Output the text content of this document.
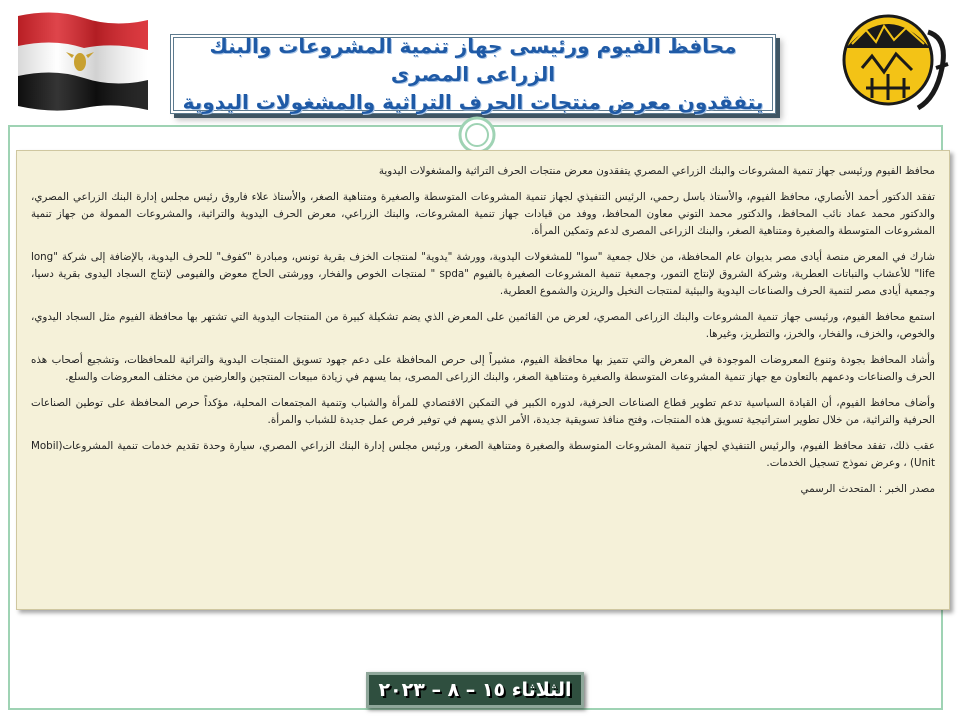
محافظ الفيوم ورئيسى جهاز تنمية المشروعات والبنك الزراعى المصرى
يتفقدون معرض منتجات الحرف التراثية والمشغولات اليدوية

محافظ الفيوم ورئيسى جهاز تنمية المشروعات والبنك الزراعي المصري يتفقدون معرض منتجات الحرف التراثية والمشغولات اليدوية

تفقد الدكتور أحمد الأنصاري، محافظ الفيوم، والأستاذ باسل رحمي، الرئيس التنفيذي لجهاز تنمية المشروعات المتوسطة والصغيرة ومتناهية الصغر، والأستاذ علاء فاروق رئيس مجلس إدارة البنك الزراعي المصري، والدكتور محمد عماد نائب المحافظ، والدكتور محمد التوني معاون المحافظ، ووفد من قيادات جهاز تنمية المشروعات، والبنك الزراعي، معرض الحرف اليدوية والتراثية، والمشروعات الممولة من جهاز تنمية المشروعات المتوسطة والصغيرة ومتناهية الصغر، والبنك الزراعى المصرى لدعم وتمكين المرأة.

شارك في المعرض منصة أيادى مصر بديوان عام المحافظة، من خلال جمعية "سوا" للمشغولات اليدوية، وورشة "يدوية" لمنتجات الخزف بقرية تونس، ومبادرة "كفوف" للحرف اليدوية، بالإضافة إلى شركة "long life" للأعشاب والنباتات العطرية، وشركة الشروق لإنتاج التمور، وجمعية تنمية المشروعات الصغيرة بالفيوم "spda " لمنتجات الخوص والفخار، وورشتى الحاج معوض والفيومى لإنتاج السجاد اليدوى بقرية دسيا، وجمعية أيادى مصر لتنمية الحرف والصناعات اليدوية والبيئية لمنتجات النخيل والريزن والشموع العطرية.

استمع محافظ الفيوم، ورئيسى جهاز تنمية المشروعات والبنك الزراعى المصري، لعرض من القائمين على المعرض الذي يضم تشكيلة كبيرة من المنتجات اليدوية التي تشتهر بها محافظة الفيوم مثل السجاد اليدوي، والخوص، والخزف، والفخار، والخرز، والتطريز، وغيرها.

وأشاد المحافظ بجودة وتنوع المعروضات الموجودة في المعرض والتي تتميز بها محافظة الفيوم، مشيراً إلى حرص المحافظة على دعم جهود تسويق المنتجات اليدوية والتراثية للمحافظات، وتشجيع أصحاب هذه الحرف والصناعات ودعمهم بالتعاون مع جهاز تنمية المشروعات المتوسطة والصغيرة ومتناهية الصغر، والبنك الزراعى المصرى، بما يسهم في زيادة مبيعات المنتجين والعارضين من مختلف المعروضات والسلع.

وأضاف محافظ الفيوم، أن القيادة السياسية تدعم تطوير قطاع الصناعات الحرفية، لدوره الكبير في التمكين الاقتصادي للمرأة والشباب وتنمية المجتمعات المحلية، مؤكداً حرص المحافظة على توطين الصناعات الحرفية والتراثية، من خلال تطوير استراتيجية تسويق هذه المنتجات، وفتح منافذ تسويقية جديدة، الأمر الذي يسهم في توفير فرص عمل جديدة للشباب والمرأة.

عقب ذلك، تفقد محافظ الفيوم، والرئيس التنفيذي لجهاز تنمية المشروعات المتوسطة والصغيرة ومتناهية الصغر، ورئيس مجلس إدارة البنك الزراعي المصري، سيارة وحدة تقديم خدمات تنمية المشروعات(Mobil Unit) ، وعرض نموذج تسجيل الخدمات.

مصدر الخبر : المتحدث الرسمي

الثلاثاء ١٥ – ٨ – ٢٠٢٣
